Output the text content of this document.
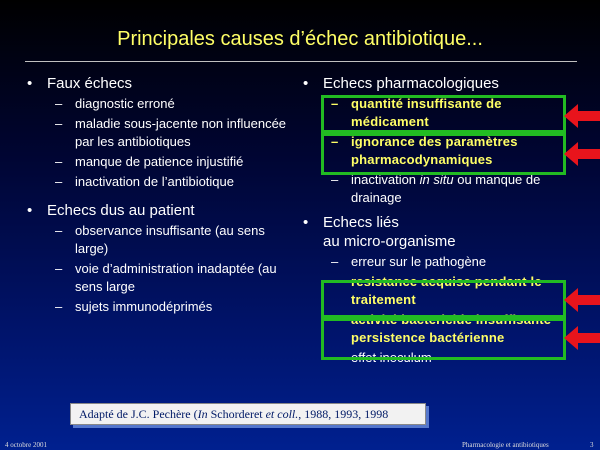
Principales causes d’échec antibiotique...
• Faux échecs
– diagnostic erroné
– maladie sous-jacente non influencée par les antibiotiques
– manque de patience injustifié
– inactivation de l’antibiotique
• Echecs dus au patient
– observance insuffisante (au sens large)
– voie d’administration inadaptée (au sens large
– sujets immunodéprimés
• Echecs pharmacologiques
– quantité insuffisante de médicament
– ignorance des paramètres pharmacodynamiques
– inactivation in situ ou manque de drainage
• Echecs liés
au micro-organisme
– erreur sur le pathogène
– resistance acquise pendant le traitement
– activité bactericide insuffisante persistence bactérienne
– effet inoculum
Adapté de J.C. Pechère (In Schorderet et coll., 1988, 1993, 1998
4 octobre 2001	Pharmacologie et antibiotiques	3
